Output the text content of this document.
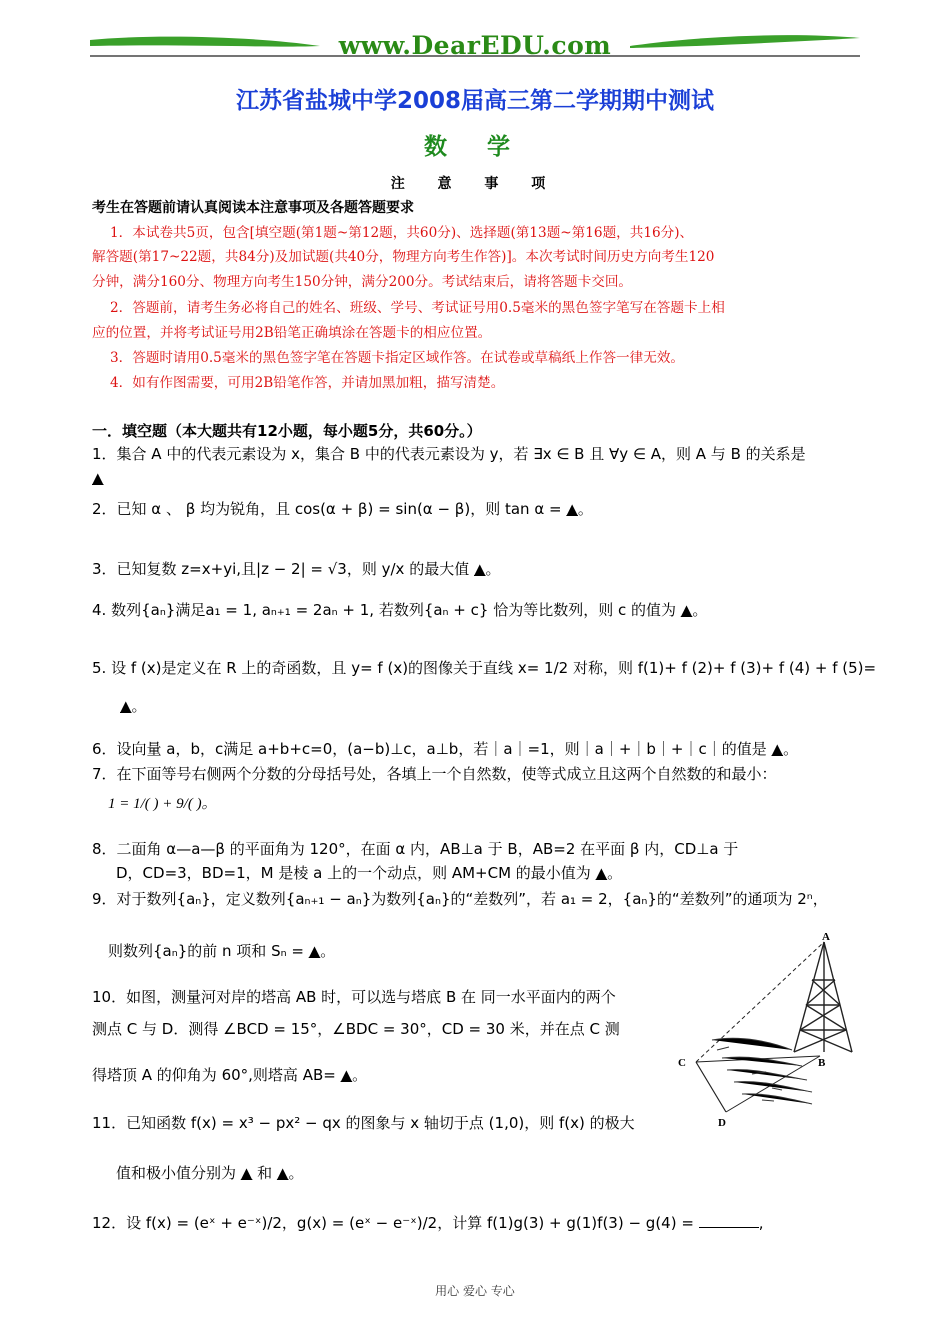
www.DearEDU.com
江苏省盐城中学2008届高三第二学期期中测试
数 学
注 意 事 项
考生在答题前请认真阅读本注意事项及各题答题要求
1．本试卷共5页，包含[填空题(第1题~第12题，共60分)、选择题(第13题~第16题，共16分)、
解答题(第17~22题，共84分)及加试题(共40分，物理方向考生作答)]。本次考试时间历史方向考生120
分钟，满分160分、物理方向考生150分钟，满分200分。考试结束后，请将答题卡交回。
2．答题前，请考生务必将自己的姓名、班级、学号、考试证号用0.5毫米的黑色签字笔写在答题卡上相
应的位置，并将考试证号用2B铅笔正确填涂在答题卡的相应位置。
3．答题时请用0.5毫米的黑色签字笔在答题卡指定区域作答。在试卷或草稿纸上作答一律无效。
4．如有作图需要，可用2B铅笔作答，并请加黑加粗，描写清楚。
一．填空题（本大题共有12小题，每小题5分，共60分。）
1．集合 A 中的代表元素设为 x，集合 B 中的代表元素设为 y，若 ∃x ∈ B 且 ∀y ∈ A，则 A 与 B 的关系是
▲
2．已知 α 、 β 均为锐角，且 cos(α + β) = sin(α − β)，则 tan α = ▲。
3．已知复数 z=x+yi,且|z − 2| = √3，则 y/x 的最大值 ▲。
4. 数列{aₙ}满足a₁ = 1, aₙ₊₁ = 2aₙ + 1, 若数列{aₙ + c} 恰为等比数列，则 c 的值为 ▲。
5. 设 f (x)是定义在 R 上的奇函数，且 y= f (x)的图像关于直线 x= 1/2 对称，则 f(1)+ f (2)+ f (3)+ f (4) + f (5)=
▲。
6．设向量 a，b，c满足 a+b+c=0，(a−b)⊥c，a⊥b，若｜a｜=1，则｜a｜+｜b｜+｜c｜的值是 ▲。
7．在下面等号右侧两个分数的分母括号处，各填上一个自然数，使等式成立且这两个自然数的和最小：
1 = 1/( ) + 9/( )。
8．二面角 α—a—β 的平面角为 120°，在面 α 内，AB⊥a 于 B，AB=2 在平面 β 内，CD⊥a 于
D，CD=3，BD=1，M 是棱 a 上的一个动点，则 AM+CM 的最小值为 ▲。
9．对于数列{aₙ}，定义数列{aₙ₊₁ − aₙ}为数列{aₙ}的“差数列”，若 a₁ = 2，{aₙ}的“差数列”的通项为 2ⁿ，
则数列{aₙ}的前 n 项和 Sₙ = ▲。
10．如图，测量河对岸的塔高 AB 时，可以选与塔底 B 在 同一水平面内的两个
测点 C 与 D．测得 ∠BCD = 15°，∠BDC = 30°，CD = 30 米，并在点 C 测
得塔顶 A 的仰角为 60°,则塔高 AB= ▲。
11．已知函数 f(x) = x³ − px² − qx 的图象与 x 轴切于点 (1,0)，则 f(x) 的极大
值和极小值分别为 ▲ 和 ▲。
12．设 f(x) = (eˣ + e⁻ˣ)/2，g(x) = (eˣ − e⁻ˣ)/2，计算 f(1)g(3) + g(1)f(3) − g(4) =	,
A
B
C
D
用心 爱心 专心
